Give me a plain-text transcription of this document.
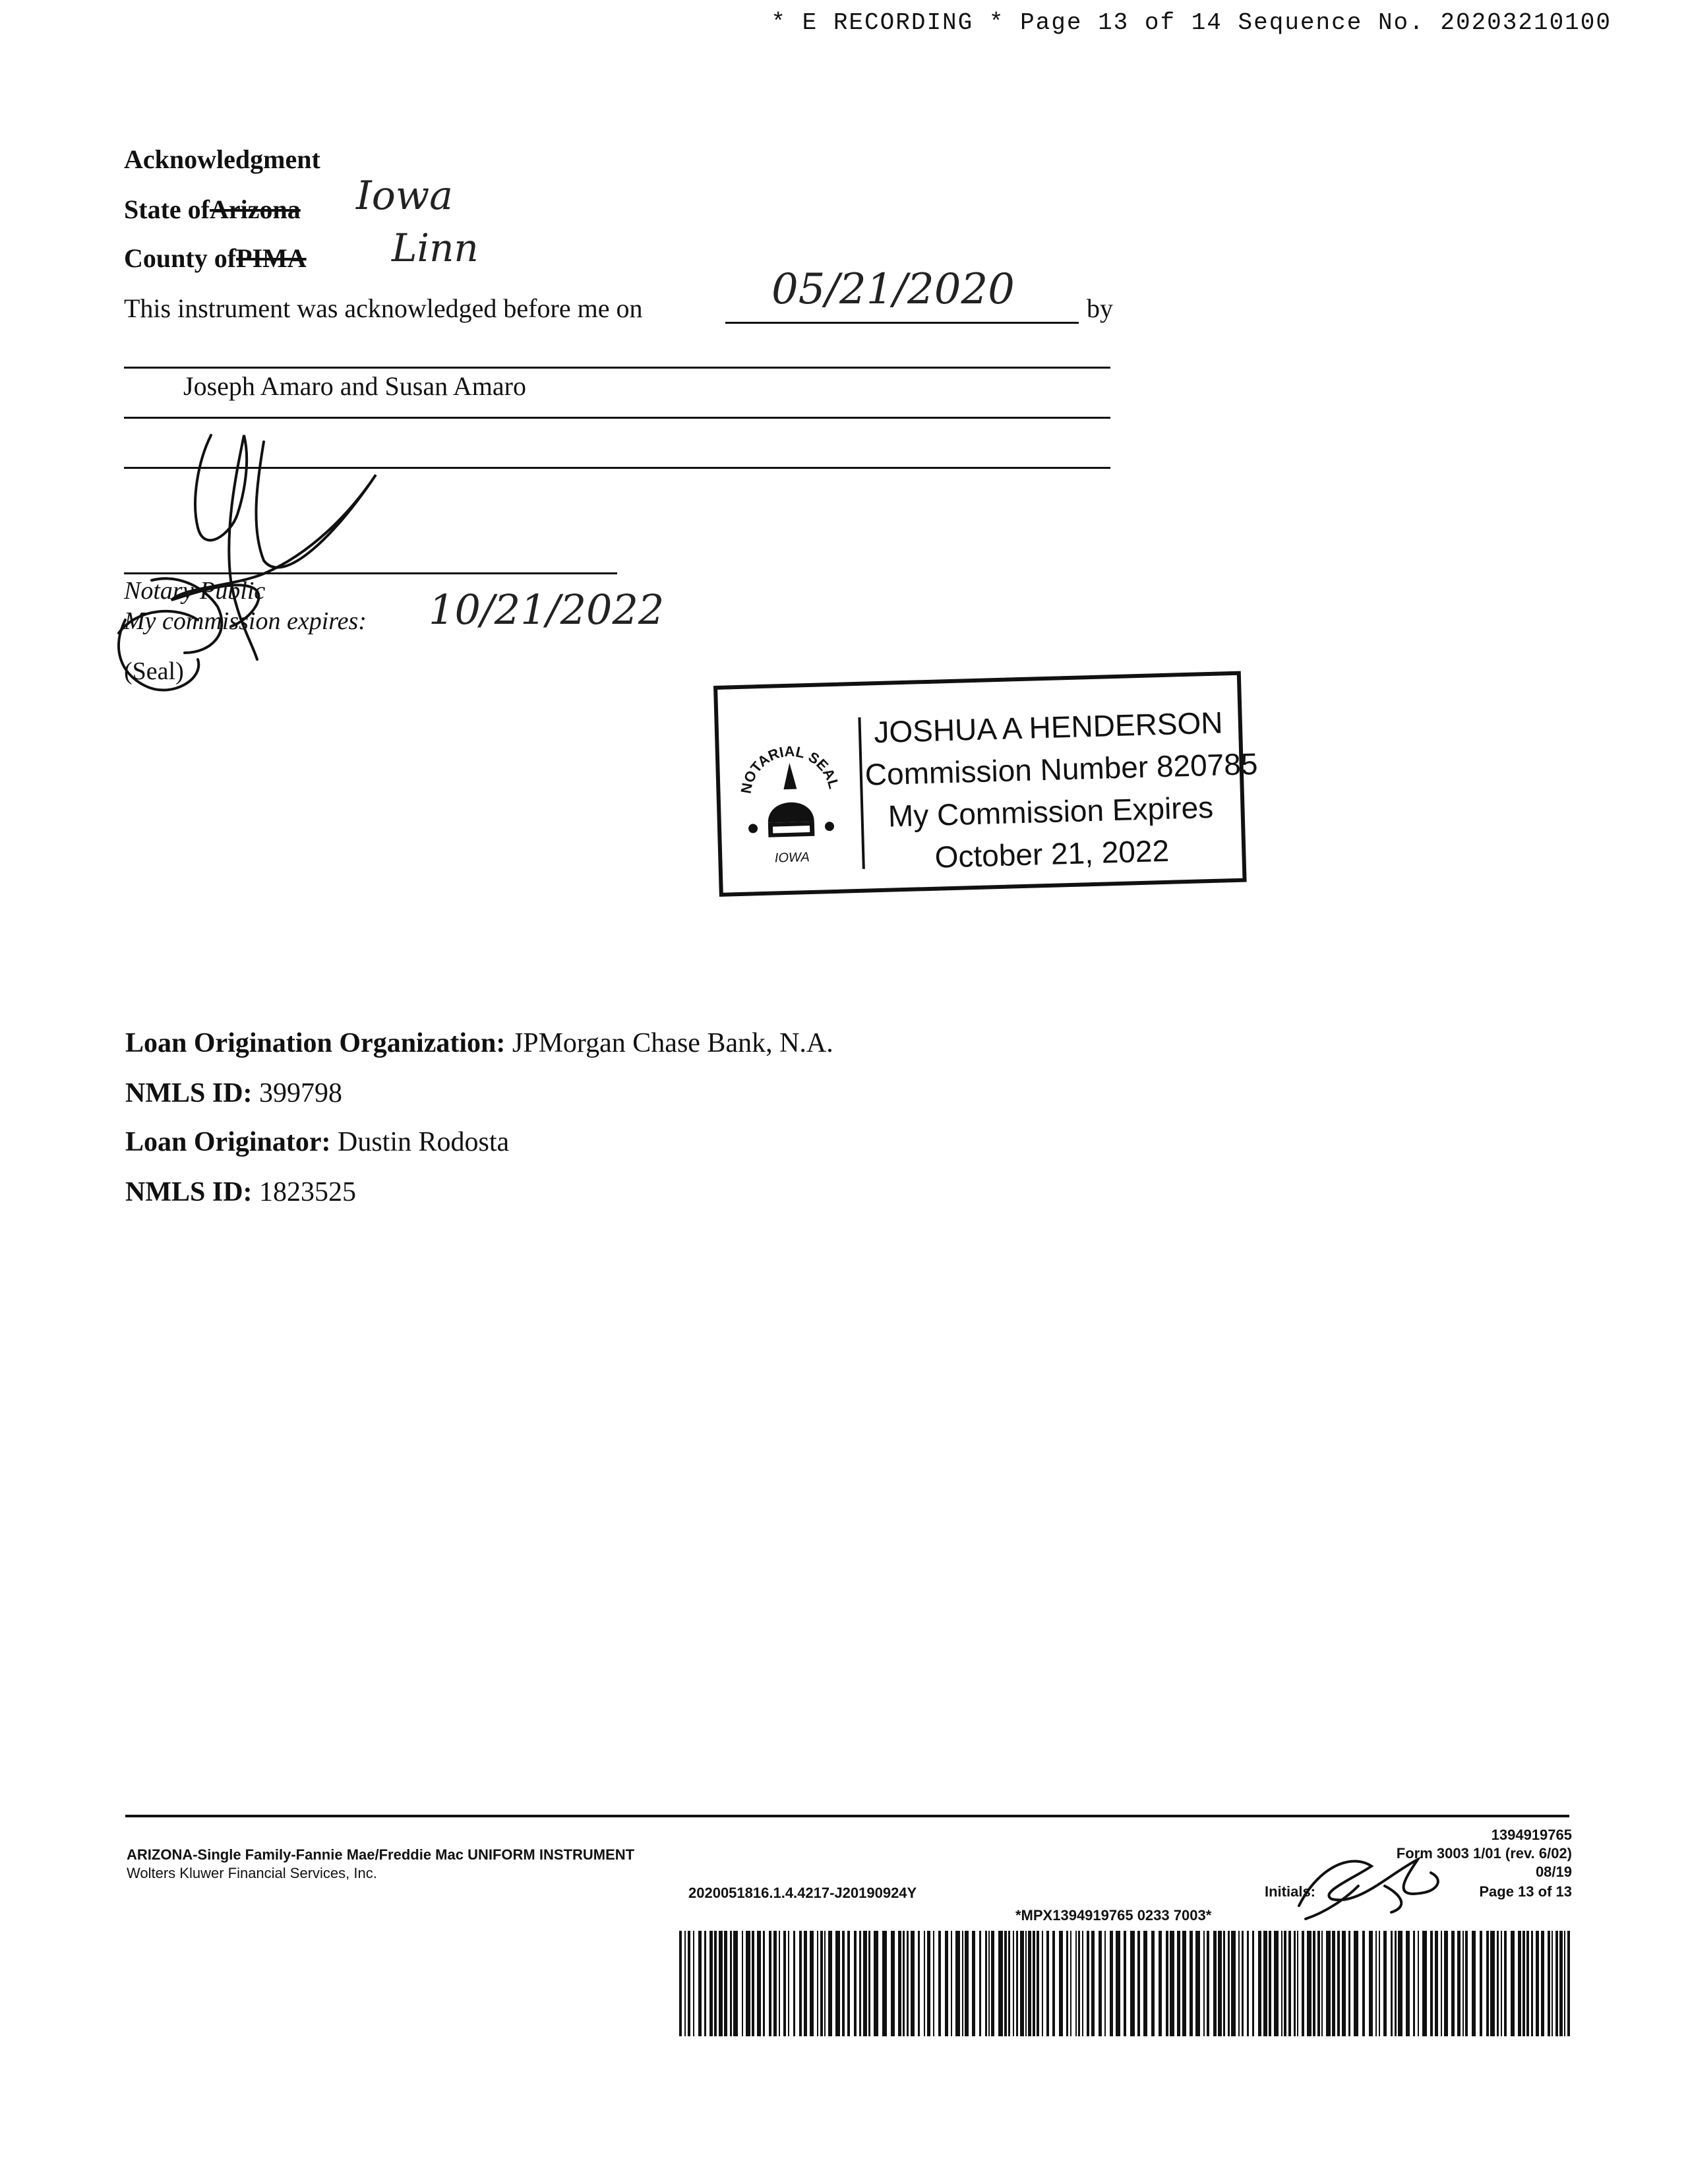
* E RECORDING * Page 13 of 14 Sequence No. 20203210100
Acknowledgment
State ofArizona Iowa
County ofPIMA Linn
This instrument was acknowledged before me on	05/21/2020	by
Joseph Amaro and Susan Amaro
Notary Public
My commission expires: 10/21/2022
(Seal)
NOTARIAL SEAL
IOWA
JOSHUA A HENDERSON
Commission Number 820785
My Commission Expires
October 21, 2022
Loan Origination Organization: JPMorgan Chase Bank, N.A.
NMLS ID: 399798
Loan Originator: Dustin Rodosta
NMLS ID: 1823525
1394919765
ARIZONA-Single Family-Fannie Mae/Freddie Mac UNIFORM INSTRUMENT
Wolters Kluwer Financial Services, Inc.
Form 3003 1/01 (rev. 6/02)
08/19
2020051816.1.4.4217-J20190924Y	Initials:	Page 13 of 13
*MPX1394919765 0233 7003*
